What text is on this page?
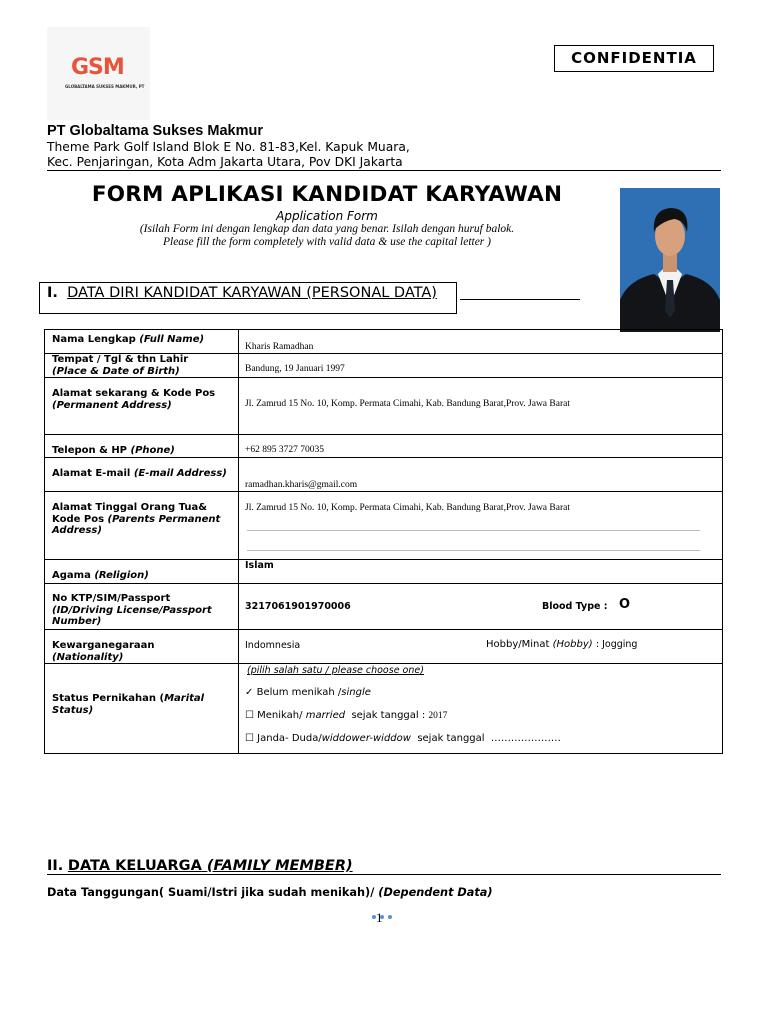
GSM
GLOBALTAMA SUKSES MAKMUR, PT
CONFIDENTIA
PT Globaltama Sukses Makmur
Theme Park Golf Island Blok E No. 81-83,Kel. Kapuk Muara,
Kec. Penjaringan, Kota Adm Jakarta Utara, Pov DKI Jakarta
FORM APLIKASI KANDIDAT KARYAWAN
Application Form
(Isilah Form ini dengan lengkap dan data yang benar. Isilah dengan huruf balok.
Please fill the form completely with valid data & use the capital letter )
I. DATA DIRI KANDIDAT KARYAWAN (PERSONAL DATA)
Nama Lengkap (Full Name)	Kharis Ramadhan

Tempat / Tgl & thn Lahir
(Place & Date of Birth)	Bandung, 19 Januari 1997

Alamat sekarang & Kode Pos (Permanent Address)	Jl. Zamrud 15 No. 10, Komp. Permata Cimahi, Kab. Bandung Barat,Prov. Jawa Barat

Telepon & HP (Phone)	+62 895 3727 70035

Alamat E-mail (E-mail Address)	ramadhan.kharis@gmail.com

Alamat Tinggal Orang Tua& Kode Pos (Parents Permanent Address)	Jl. Zamrud 15 No. 10, Komp. Permata Cimahi, Kab. Bandung Barat,Prov. Jawa Barat

Agama (Religion)	Islam

No KTP/SIM/Passport
(ID/Driving License/Passport Number)	3217061901970006 Blood Type : O

Kewarganegaraan
(Nationality)	Indomnesia Hobby/Minat (Hobby) : Jogging

Status Pernikahan (Marital Status)	(pilih salah satu / please choose one)
✓ Belum menikah /single
☐ Menikah/ married sejak tanggal : 2017
☐ Janda- Duda/widdower-widdow sejak tanggal …………………
II. DATA KELUARGA (FAMILY MEMBER)
Data Tanggungan( Suami/Istri jika sudah menikah)/ (Dependent Data)
1
